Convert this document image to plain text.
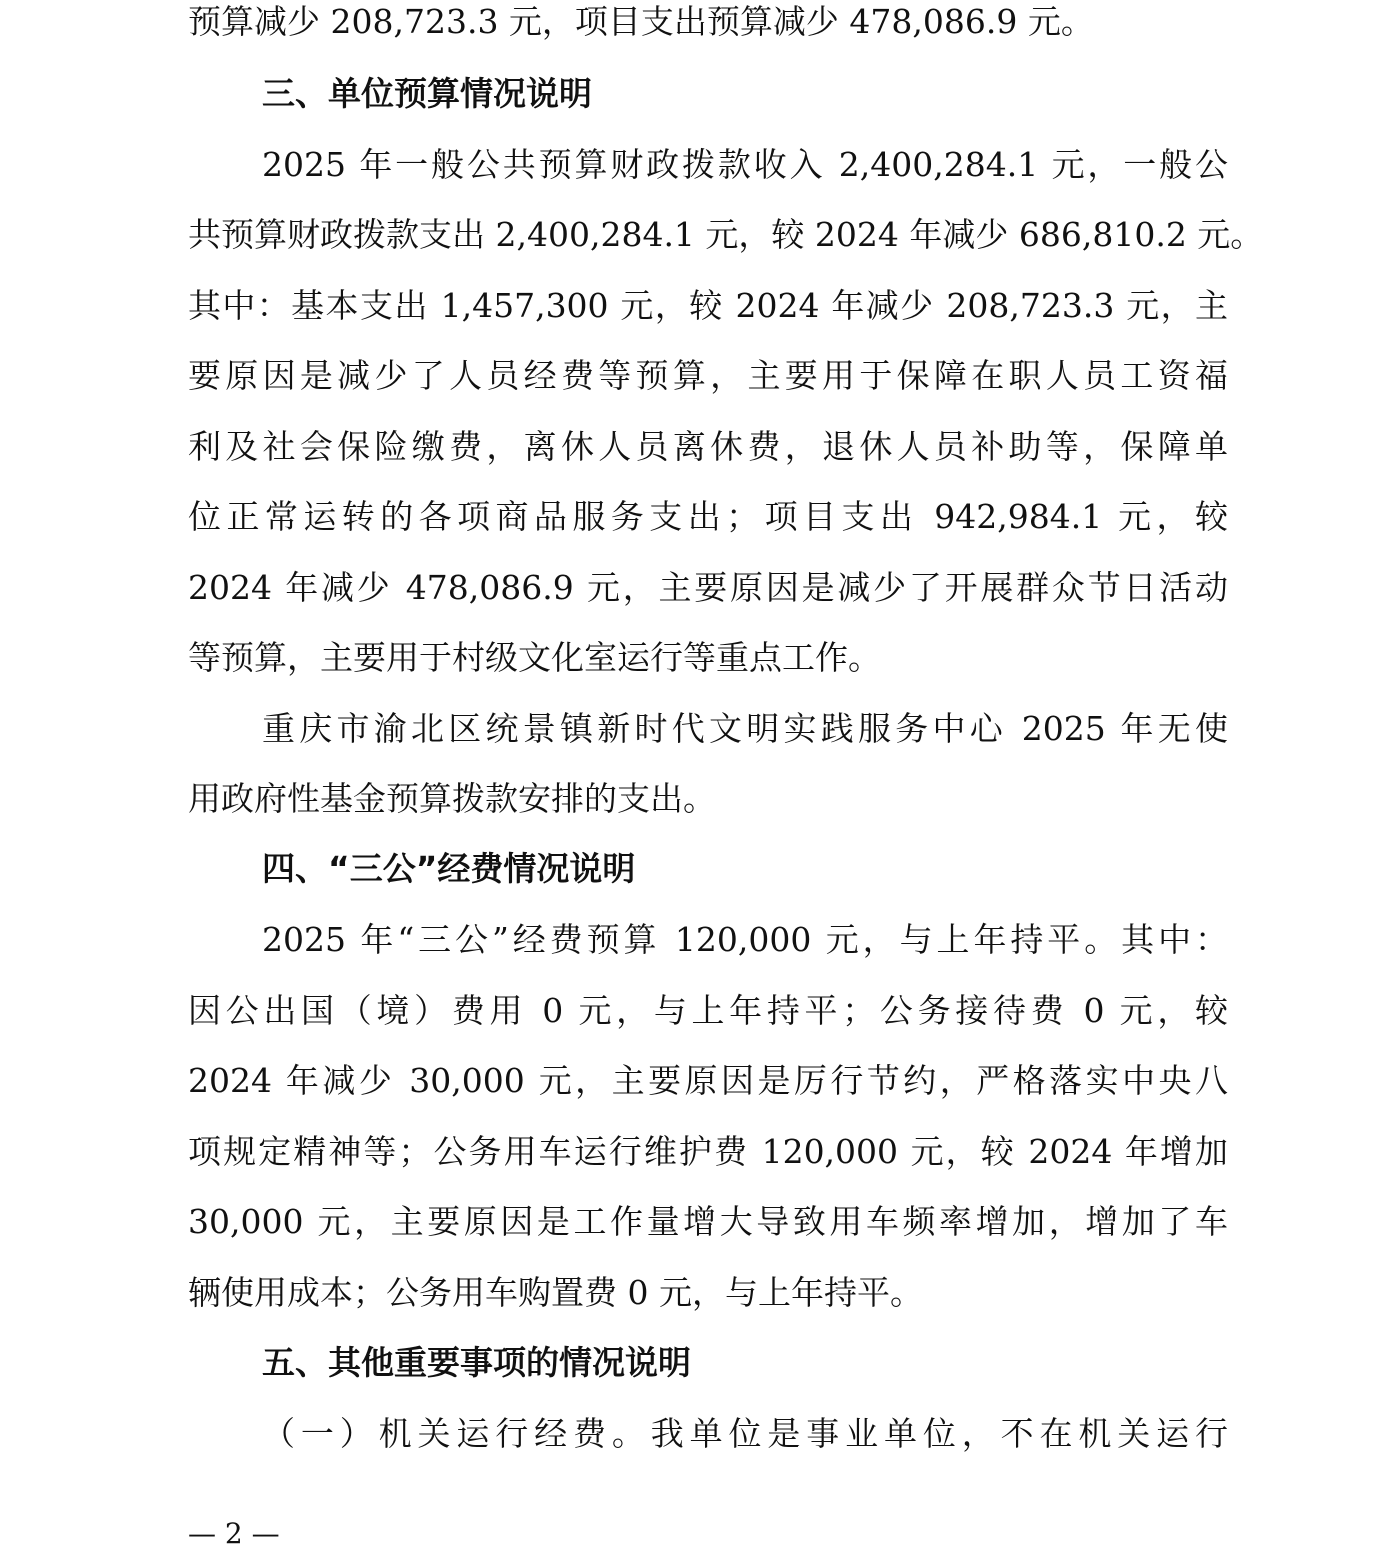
预算减少 208,723.3 元，项目支出预算减少 478,086.9 元。
三、单位预算情况说明
2025 年一般公共预算财政拨款收入 2,400,284.1 元，一般公
共预算财政拨款支出 2,400,284.1 元，较 2024 年减少 686,810.2 元。
其中：基本支出 1,457,300 元，较 2024 年减少 208,723.3 元，主
要原因是减少了人员经费等预算，主要用于保障在职人员工资福
利及社会保险缴费，离休人员离休费，退休人员补助等，保障单
位正常运转的各项商品服务支出；项目支出 942,984.1 元，较
2024 年减少 478,086.9 元，主要原因是减少了开展群众节日活动
等预算，主要用于村级文化室运行等重点工作。
重庆市渝北区统景镇新时代文明实践服务中心 2025 年无使
用政府性基金预算拨款安排的支出。
四、“三公”经费情况说明
2025 年“三公”经费预算 120,000 元，与上年持平。其中：
因公出国（境）费用 0 元，与上年持平；公务接待费 0 元，较
2024 年减少 30,000 元，主要原因是厉行节约，严格落实中央八
项规定精神等；公务用车运行维护费 120,000 元，较 2024 年增加
30,000 元，主要原因是工作量增大导致用车频率增加，增加了车
辆使用成本；公务用车购置费 0 元，与上年持平。
五、其他重要事项的情况说明
（一）机关运行经费。我单位是事业单位，不在机关运行
— 2 —
